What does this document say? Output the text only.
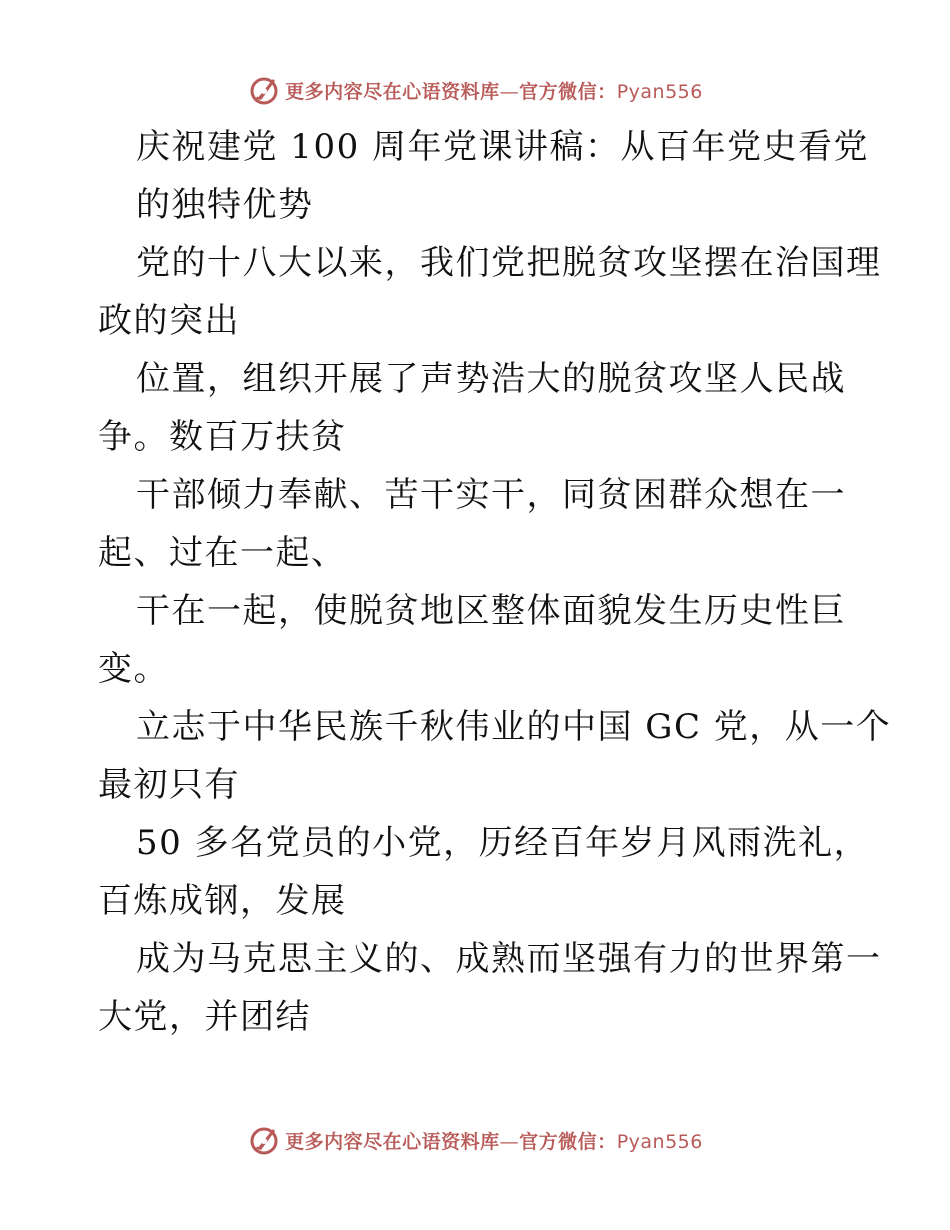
更多内容尽在心语资料库—官方微信：Pyan556
庆祝建党 100 周年党课讲稿：从百年党史看党
的独特优势
党的十八大以来，我们党把脱贫攻坚摆在治国理
政的突出
位置，组织开展了声势浩大的脱贫攻坚人民战
争。数百万扶贫
干部倾力奉献、苦干实干，同贫困群众想在一
起、过在一起、
干在一起，使脱贫地区整体面貌发生历史性巨
变。
立志于中华民族千秋伟业的中国 GC 党，从一个
最初只有
50 多名党员的小党，历经百年岁月风雨洗礼，
百炼成钢，发展
成为马克思主义的、成熟而坚强有力的世界第一
大党，并团结
更多内容尽在心语资料库—官方微信：Pyan556
